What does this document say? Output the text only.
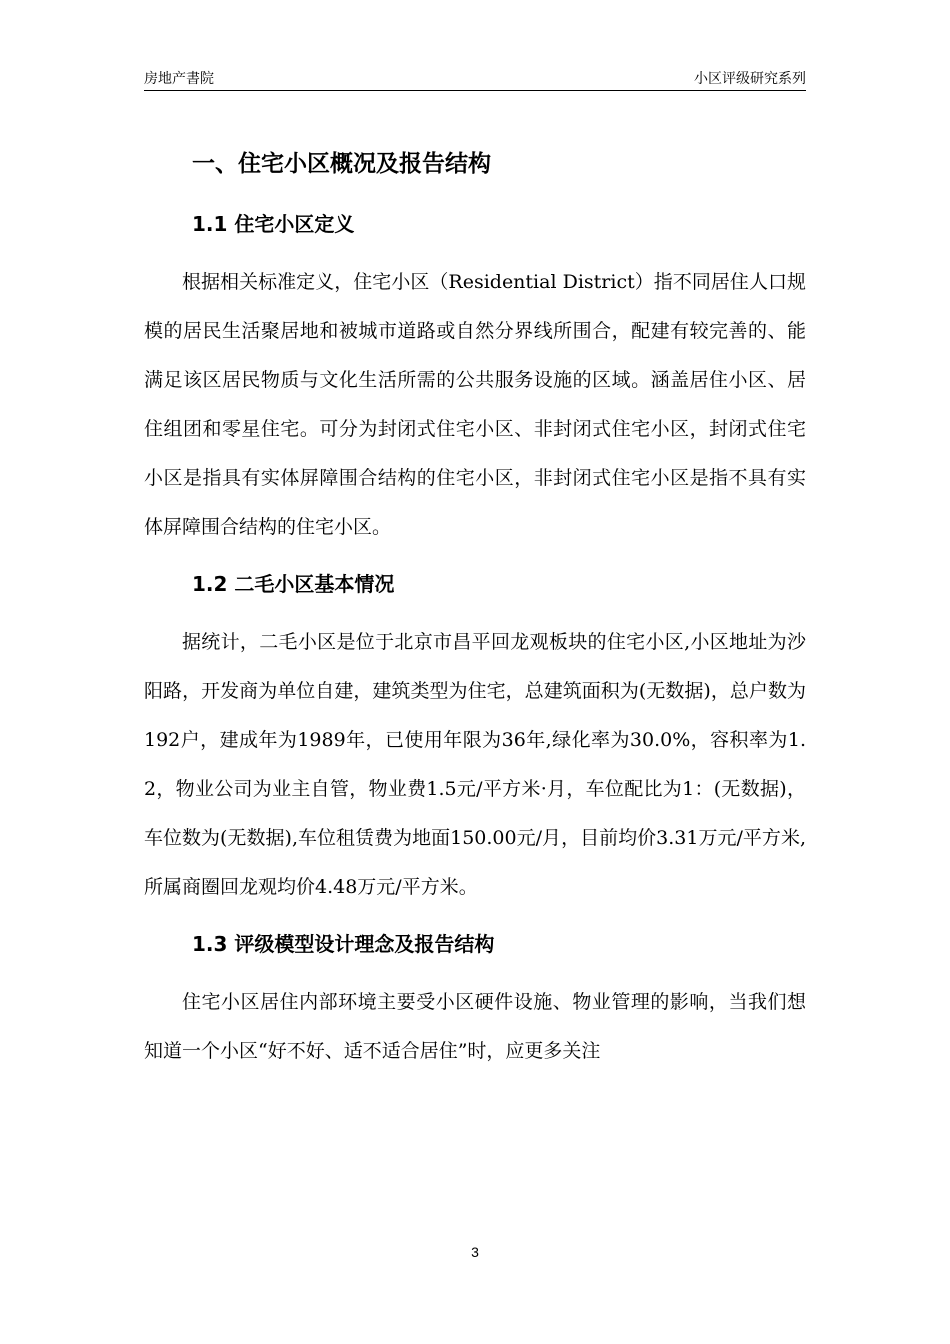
房地产書院	小区评级研究系列
一、住宅小区概况及报告结构
1.1 住宅小区定义

根据相关标准定义，住宅小区（Residential District）指不同居住人口规模的居民生活聚居地和被城市道路或自然分界线所围合，配建有较完善的、能满足该区居民物质与文化生活所需的公共服务设施的区域。涵盖居住小区、居住组团和零星住宅。可分为封闭式住宅小区、非封闭式住宅小区，封闭式住宅小区是指具有实体屏障围合结构的住宅小区，非封闭式住宅小区是指不具有实体屏障围合结构的住宅小区。

1.2 二毛小区基本情况

据统计，二毛小区是位于北京市昌平回龙观板块的住宅小区,小区地址为沙阳路，开发商为单位自建，建筑类型为住宅，总建筑面积为(无数据)，总户数为192户，建成年为1989年，已使用年限为36年,绿化率为30.0%，容积率为1.2，物业公司为业主自管，物业费1.5元/平方米·月，车位配比为1：(无数据)，车位数为(无数据),车位租赁费为地面150.00元/月，目前均价3.31万元/平方米,所属商圈回龙观均价4.48万元/平方米。

1.3 评级模型设计理念及报告结构

住宅小区居住内部环境主要受小区硬件设施、物业管理的影响，当我们想知道一个小区“好不好、适不适合居住”时，应更多关注

3
